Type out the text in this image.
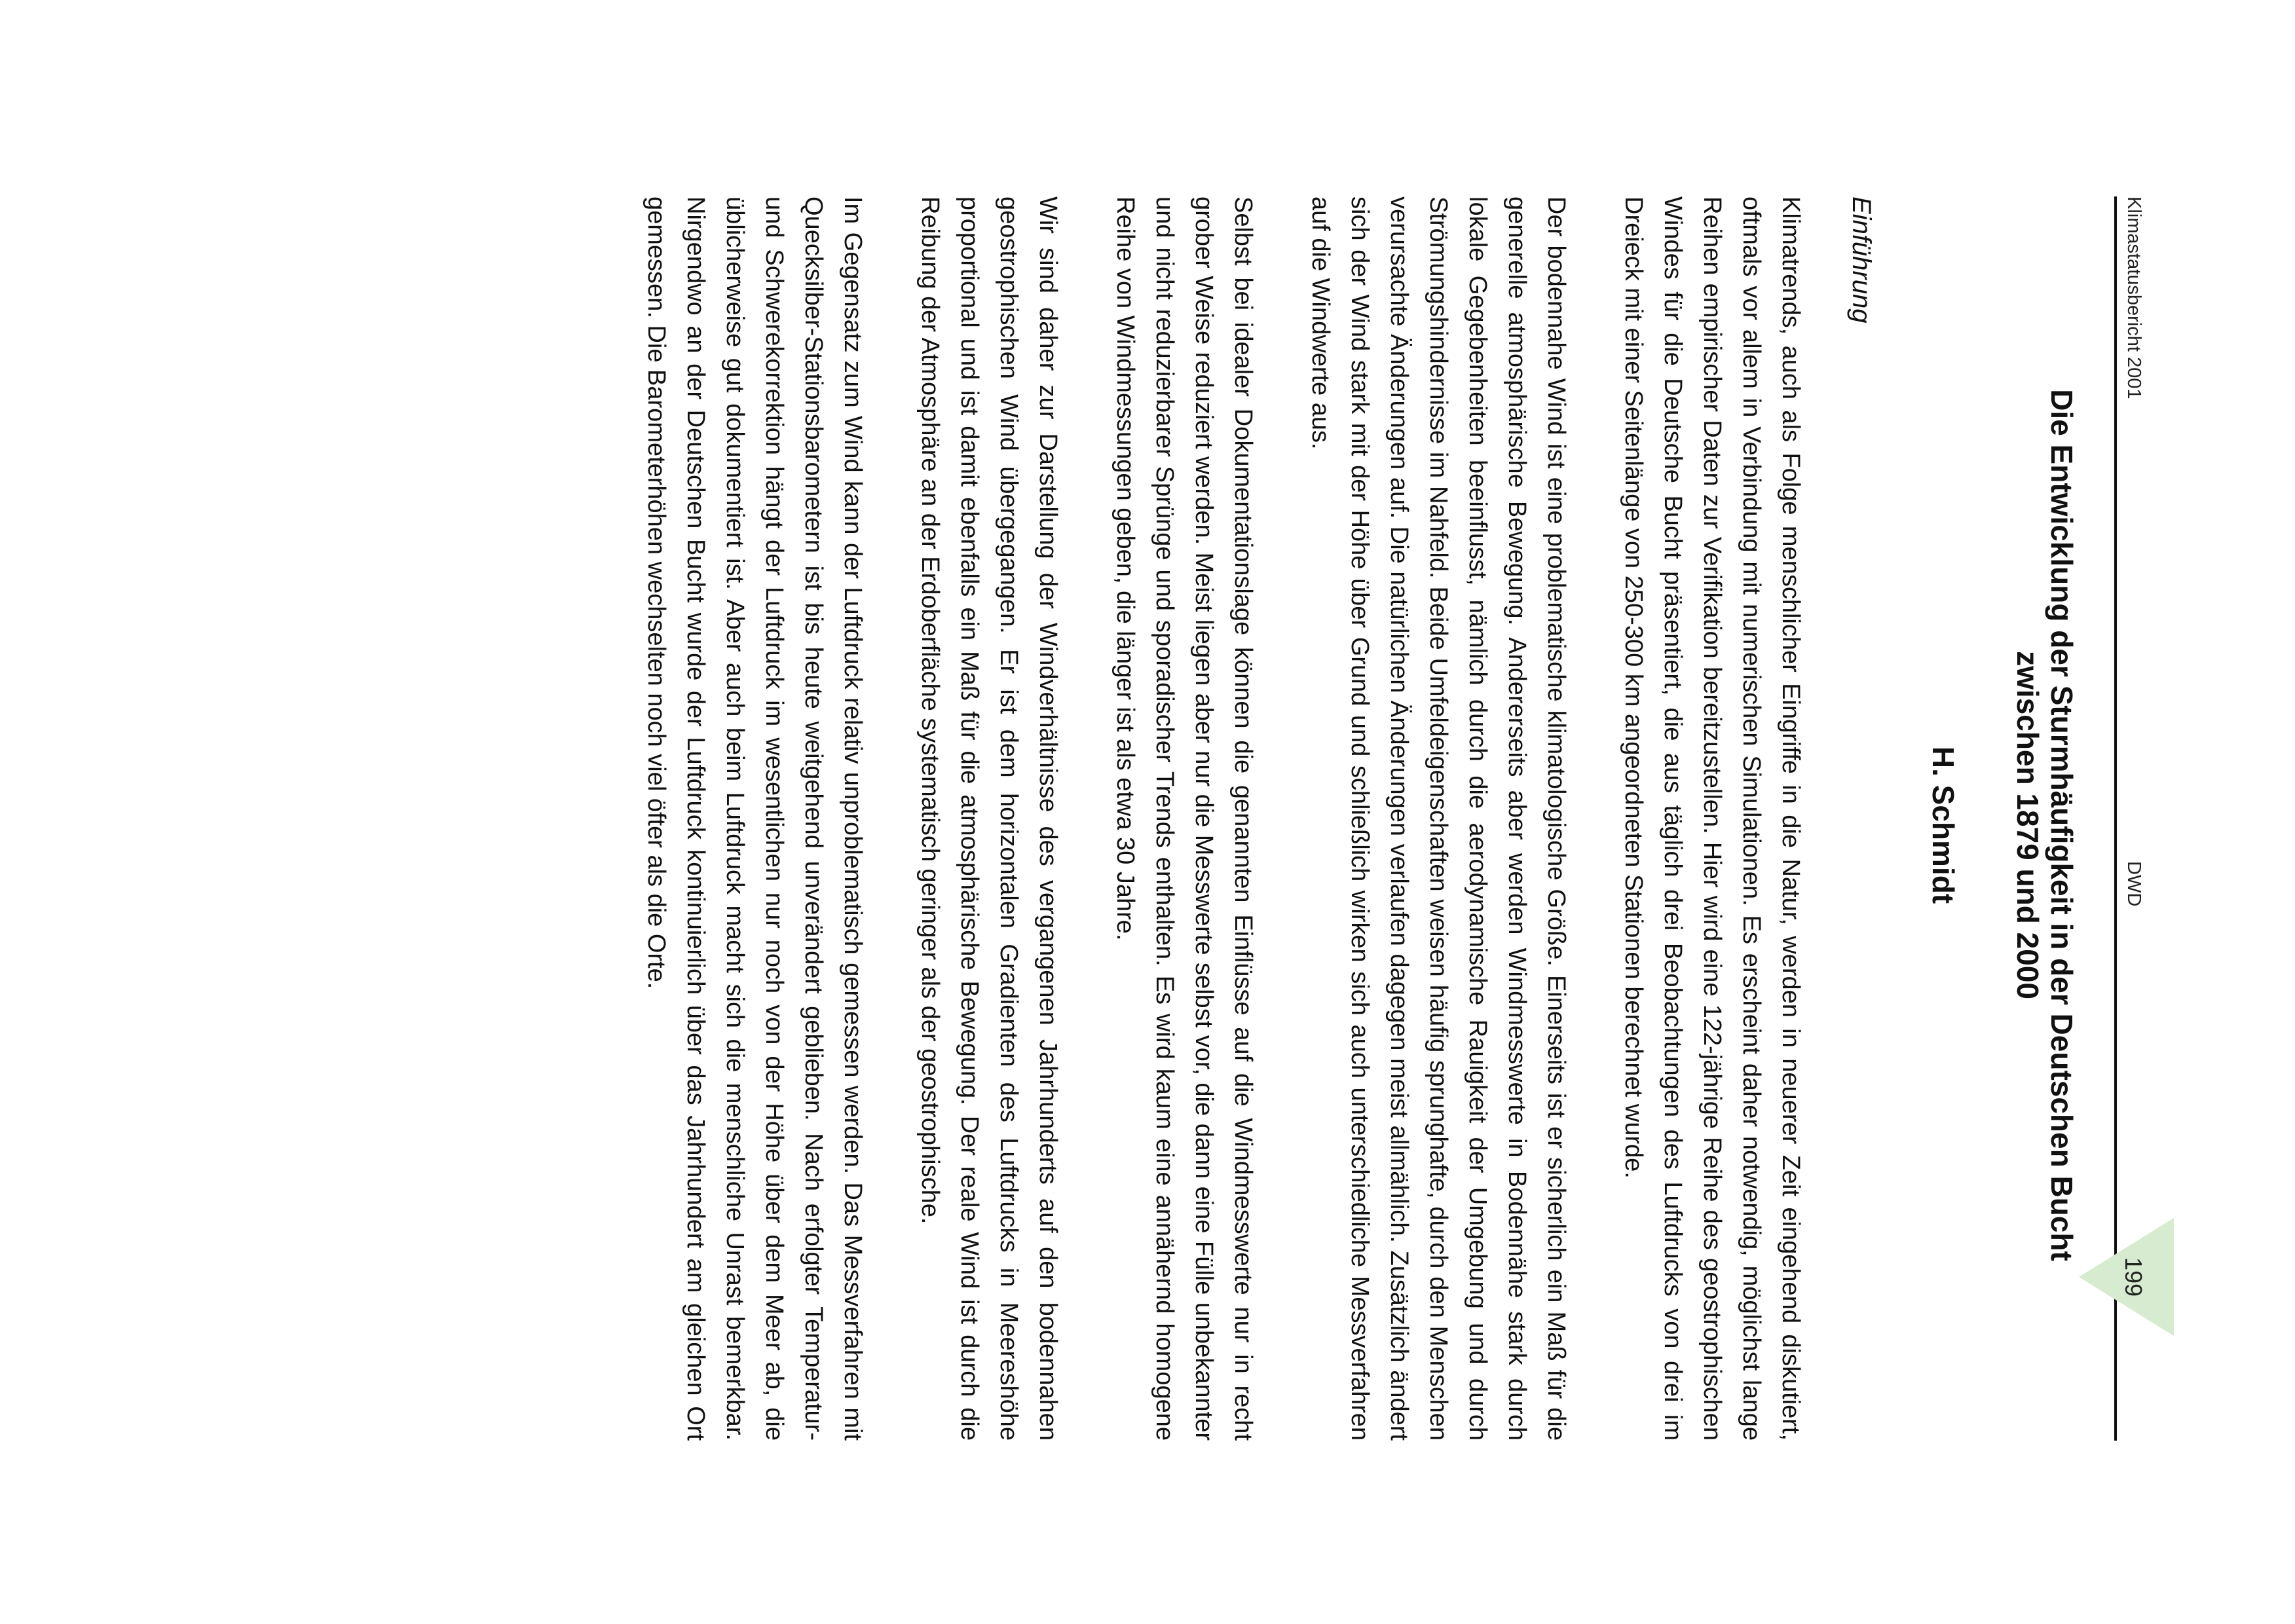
Klimastatusbericht 2001
DWD
199
Die Entwicklung der Sturmhäufigkeit in der Deutschen Bucht
zwischen 1879 und 2000
H. Schmidt
Einführung

Klimatrends, auch als Folge menschlicher Eingriffe in die Natur, werden in neuerer Zeit eingehend diskutiert, oftmals vor allem in Verbindung mit numerischen Simulationen. Es erscheint daher notwendig, möglichst lange Reihen empirischer Daten zur Verifikation bereitzustellen. Hier wird eine 122-jährige Reihe des geostrophischen Windes für die Deutsche Bucht präsentiert, die aus täglich drei Beobachtungen des Luftdrucks von drei im Dreieck mit einer Seitenlänge von 250-300 km angeordneten Stationen berechnet wurde.

Der bodennahe Wind ist eine problematische klimatologische Größe. Einerseits ist er sicherlich ein Maß für die generelle atmosphärische Bewegung. Andererseits aber werden Windmesswerte in Bodennähe stark durch lokale Gegebenheiten beeinflusst, nämlich durch die aerodynamische Rauigkeit der Umgebung und durch Strömungshindernisse im Nahfeld. Beide Umfeldeigenschaften weisen häufig sprunghafte, durch den Menschen verursachte Änderungen auf. Die natürlichen Änderungen verlaufen dagegen meist allmählich. Zusätzlich ändert sich der Wind stark mit der Höhe über Grund und schließlich wirken sich auch unterschiedliche Messverfahren auf die Windwerte aus.

Selbst bei idealer Dokumentationslage können die genannten Einflüsse auf die Windmesswerte nur in recht grober Weise reduziert werden. Meist liegen aber nur die Messwerte selbst vor, die dann eine Fülle unbekannter und nicht reduzierbarer Sprünge und sporadischer Trends enthalten. Es wird kaum eine annähernd homogene Reihe von Windmessungen geben, die länger ist als etwa 30 Jahre.

Wir sind daher zur Darstellung der Windverhältnisse des vergangenen Jahrhunderts auf den bodennahen geostrophischen Wind übergegangen. Er ist dem horizontalen Gradienten des Luftdrucks in Meereshöhe proportional und ist damit ebenfalls ein Maß für die atmosphärische Bewegung. Der reale Wind ist durch die Reibung der Atmosphäre an der Erdoberfläche systematisch geringer als der geostrophische.

Im Gegensatz zum Wind kann der Luftdruck relativ unproblematisch gemessen werden. Das Messverfahren mit Quecksilber-Stationsbarometern ist bis heute weitgehend unverändert geblieben. Nach erfolgter Temperatur- und Schwerekorrektion hängt der Luftdruck im wesentlichen nur noch von der Höhe über dem Meer ab, die üblicherweise gut dokumentiert ist. Aber auch beim Luftdruck macht sich die menschliche Unrast bemerkbar. Nirgendwo an der Deutschen Bucht wurde der Luftdruck kontinuierlich über das Jahrhundert am gleichen Ort gemessen. Die Barometerhöhen wechselten noch viel öfter als die Orte.
